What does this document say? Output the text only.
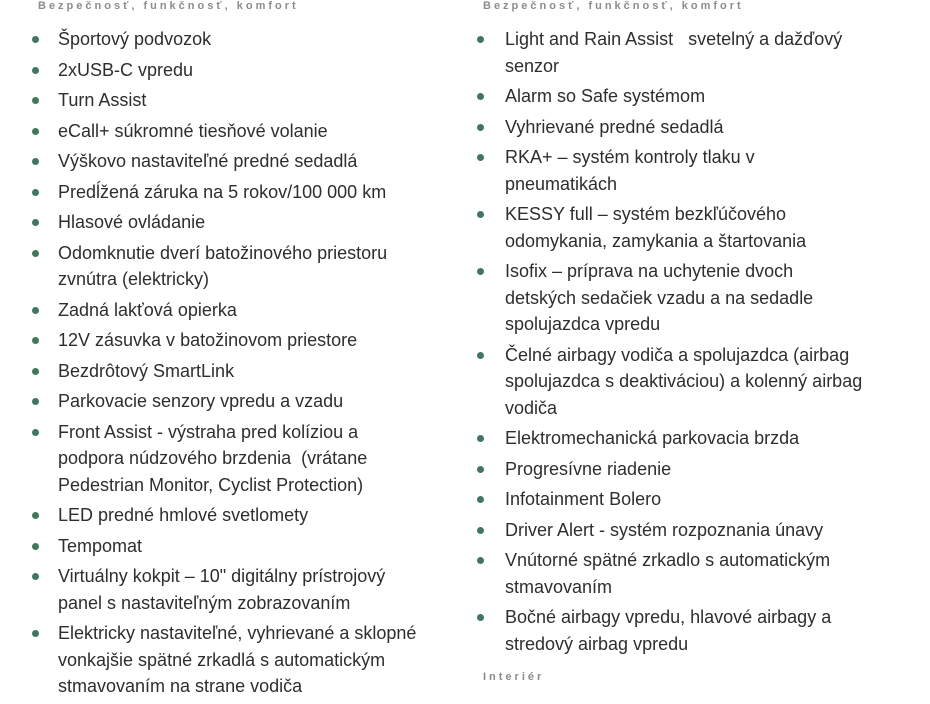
Bezpečnosť, funkčnosť, komfort
Športový podvozok
2xUSB-C vpredu
Turn Assist
eCall+ súkromné tiesňové volanie
Výškovo nastaviteľné predné sedadlá
Predĺžená záruka na 5 rokov/100 000 km
Hlasové ovládanie
Odomknutie dverí batožinového priestoru zvnútra (elektricky)
Zadná lakťová opierka
12V zásuvka v batožinovom priestore
Bezdrôtový SmartLink
Parkovacie senzory vpredu a vzadu
Front Assist - výstraha pred kolíziou a podpora núdzového brzdenia  (vrátane Pedestrian Monitor, Cyclist Protection)
LED predné hmlové svetlomety
Tempomat
Virtuálny kokpit – 10" digitálny prístrojový panel s nastaviteľným zobrazovaním
Elektricky nastaviteľné, vyhrievané a sklopné vonkajšie spätné zrkadlá s automatickým stmavovaním na strane vodiča
Bezpečnosť, funkčnosť, komfort
Light and Rain Assist   svetelný a dažďový senzor
Alarm so Safe systémom
Vyhrievané predné sedadlá
RKA+ – systém kontroly tlaku v pneumatikách
KESSY full – systém bezkľúčového odomykania, zamykania a štartovania
Isofix – príprava na uchytenie dvoch detských sedačiek vzadu a na sedadle spolujazdca vpredu
Čelné airbagy vodiča a spolujazdca (airbag spolujazdca s deaktiváciou) a kolenný airbag vodiča
Elektromechanická parkovacia brzda
Progresívne riadenie
Infotainment Bolero
Driver Alert - systém rozpoznania únavy
Vnútorné spätné zrkadlo s automatickým stmavovaním
Bočné airbagy vpredu, hlavové airbagy a stredový airbag vpredu
Interiér
